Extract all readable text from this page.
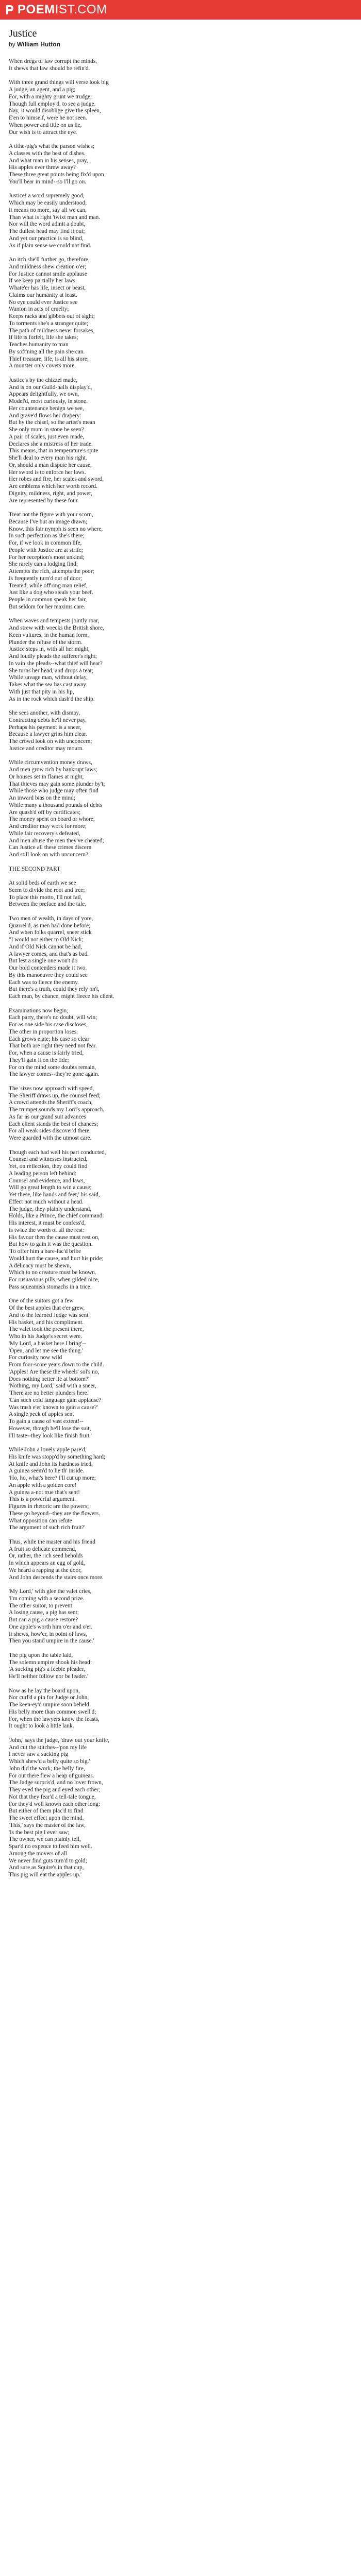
POEM IST.COM
Justice
by William Hutton
When dregs of law corrupt the minds,
It shews that law should be refin'd.
With three grand things will verse look big
A judge, an agent, and a pig;
For, with a mighty grunt we trudge,
Though full employ'd, to see a judge.
Nay, it would disoblige give the spleen,
E'en to himself, were he not seen.
When power and title on us lie,
Our wish is to attract the eye.
A tithe-pig's what the parson wishes;
A classes with the best of dishes.
And what man in his senses, pray,
His apples ever threw away?
These three great points being fix'd upon
You'll bear in mind--so I'll go on.
Justice! a word supremely good,
Which may be easily understood;
It means no more, say all we can,
Than what is right 'twixt man and man.
Nor will the word admit a doubt,
The dullest head may find it out;
And yet our practice is so blind,
As if plain sense we could not find.
An itch she'll further go, therefore,
And mildness shew creation o'er;
For Justice cannot smile applause
If we keep partially her laws.
Whate'er has life, insect or beast,
Claims our humanity at least.
No eye could ever Justice see
Wanton in acts of cruelty;
Keeps racks and gibbets out of sight;
To torments she's a stranger quite;
The path of mildness never forsakes,
If life is forfeit, life she takes;
Teaches humanity to man
By soft'ning all the pain she can.
Thief treasure, life, is all his store;
A monster only covets more.
Justice's by the chizzel made,
And is on our Guild-halls display'd,
Appears delightfully, we own,
Model'd, most curiously, in stone.
Her countenance benign we see,
And grave'd flows her drapery:
But by the chisel, so the artist's mean
She only mum in stone be seen?
A pair of scales, just even made,
Declares she a mistress of her trade.
This means, that in temperature's spite
She'll deal to every man his right.
Or, should a man dispute her cause,
Her sword is to enforce her laws.
Her robes and fire, her scales and sword,
Are emblems which her worth record.
Dignity, mildness, right, and power,
Are represented by these four.
Treat not the figure with your scorn,
Because I've but an image drawn;
Know, this fair nymph is seen no where,
In such perfection as she's there;
For, if we look in common life,
People with Justice are at strife;
For her reception's most unkind;
She rarely can a lodging find;
Attempts the rich, attempts the poor;
Is frequently turn'd out of door;
Treated, while off'ring man relief,
Just like a dog who steals your beef.
People in common speak her fair,
But seldom for her maxims care.
When waves and tempests jointly roar,
And strew with wrecks the British shore,
Keen vultures, in the human form,
Plunder the refuse of the storm.
Justice steps in, with all her might,
And loudly pleads the sufferer's right;
In vain she pleads--what thief will hear?
She turns her head, and drops a tear;
While savage man, without delay,
Takes what the sea has cast away.
With just that pity in his lip,
As in the rock which dash'd the ship.
She sees another, with dismay,
Contracting debts he'll never pay.
Perhaps his payment is a sneer,
Because a lawyer grins him clear.
The crowd look on with unconcern;
Justice and creditor may mourn.
While circumvention money draws,
And men grow rich by bankrupt laws;
Or houses set in flames at night,
That thieves may gain some plunder by't;
While those who judge may often find
An inward bias on the mind;
While many a thousand pounds of debts
Are quash'd off by certificates;
The money spent on board or whore,
And creditor may work for more;
While fair recovery's defeated,
And men abuse the men they've cheated;
Can Justice all these crimes discern
And still look on with unconcern?
THE SECOND PART
At solid beds of earth we see
Seem to divide the root and tree;
To place this motto, I'll not fail,
Between the preface and the tale.
Two men of wealth, in days of yore,
Quarrel'd, as men had done before;
And when folks quarrel, sneer stick
"I would not either to Old Nick;
And if Old Nick cannot be had,
A lawyer comes, and that's as bad.
But lest a single one won't do
Our bold contenders made it two.
By this manoeuvre they could see
Each was to fleece the enemy.
But there's a truth, could they rely on't,
Each man, by chance, might fleece his client.
Examinations now begin;
Each party, there's no doubt, will win;
For as one side his case discloses,
The other in proportion loses.
Each grows elate; his case so clear
That both are right they need not fear.
For, when a cause is fairly tried,
They'll gain it on the tide;
For on the mind some doubts remain,
The lawyer comes--they're gone again.
The 'sizes now approach with speed,
The Sheriff draws up, the counsel feed;
A crowd attends the Sheriff's coach,
The trumpet sounds my Lord's approach.
As far as our grand suit advances
Each client stands the best of chances;
For all weak sides discover'd there
Were guarded with the utmost care.
Though each had well his part conducted,
Counsel and witnesses instructed,
Yet, on reflection, they could find
A leading person left behind:
Counsel and evidence, and laws,
Will go great length to win a cause;
Yet these, like hands and feet,' his said,
Effect not much without a head.
The judge, they plainly understand,
Holds, like a Prince, the chief command:
His interest, it must be confess'd,
Is twice the worth of all the rest:
His favour then the cause must rest on,
But how to gain it was the question.
'To offer him a bare-fac'd bribe
Would hurt the cause, and hurt his pride;
A delicacy must be shewn,
Which to no creature must be known.
For rusuavious pills, when gilded nice,
Pass squeamish stomachs in a trice.
One of the suitors got a few
Of the best apples that e'er grew,
And to the learned Judge was sent
His basket, and his compliment.
The valet took the present there,
Who in his Judge's secret were.
'My Lord, a basket here I bring'--
'Open, and let me see the thing.'
For curiosity now wild
From four-score years down to the child.
'Apples! Are these the wheels' sol's no,
Does nothing better lie at bottom?'
'Nothing, my Lord,' said with a sneer,
'There are no better plunders here.'
'Can such cold language gain applause?
Was trash e'er known to gain a cause?'
A single peck of apples sent
To gain a cause of vast extent!--
However, though he'll lose the suit,
I'll taste--they look like finish fruit.'
While John a lovely apple pare'd,
His knife was stopp'd by something hard;
At knife and John its hardness tried,
A guinea seem'd to lie th' inside.
'Ho, ho, what's here? I'll cut up more;
An apple with a golden core!
A guinea a-not true that's sent!
This is a powerful argument.
Figures in rhetoric are the powers;
These go beyond--they are the flowers.
What opposition can refute
The argument of such rich fruit?'
Thus, while the master and his friend
A fruit so delicate commend,
Or, rather, the rich seed beholds
In which appears an egg of gold,
We heard a rapping at the door,
And John descends the stairs once more.
'My Lord,' with glee the valet cries,
'I'm coming with a second prize.
The other suitor, to prevent
A losing cause, a pig has sent;
But can a pig a cause restore?
One apple's worth him o'er and o'er.
It shews, how'er, in point of laws,
Then you stand umpire in the cause.'
The pig upon the table laid,
The solemn umpire shook his head:
'A sucking pig's a feeble pleader,
He'll neither follow nor be leader.'
Now as he lay the board upon,
Nor curl'd a pin for Judge or John,
The keen-ey'd umpire soon beheld
His belly more than common swell'd;
For, when the lawyers know the feasts,
It ought to look a little lank.
'John,' says the judge, 'draw out your knife,
And cut the stitches--'pon my life
I never saw a sucking pig
Which shew'd a belly quite so big.'
John did the work; the belly fire,
For out there flew a heap of guineas.
The Judge surpris'd, and no lover frown,
They eyed the pig and eyed each other;
Not that they fear'd a tell-tale tongue,
For they'd well known each other long:
But either of them plac'd to find
The sweet effect upon the mind.
'This,' says the master of the law,
'Is the best pig I ever saw;
The owner, we can plainly tell,
Spar'd no expence to feed him well.
Among the movers of all
We never find guts turn'd to gold;
And sure as Squire's in that cup,
This pig will eat the apples up.'
